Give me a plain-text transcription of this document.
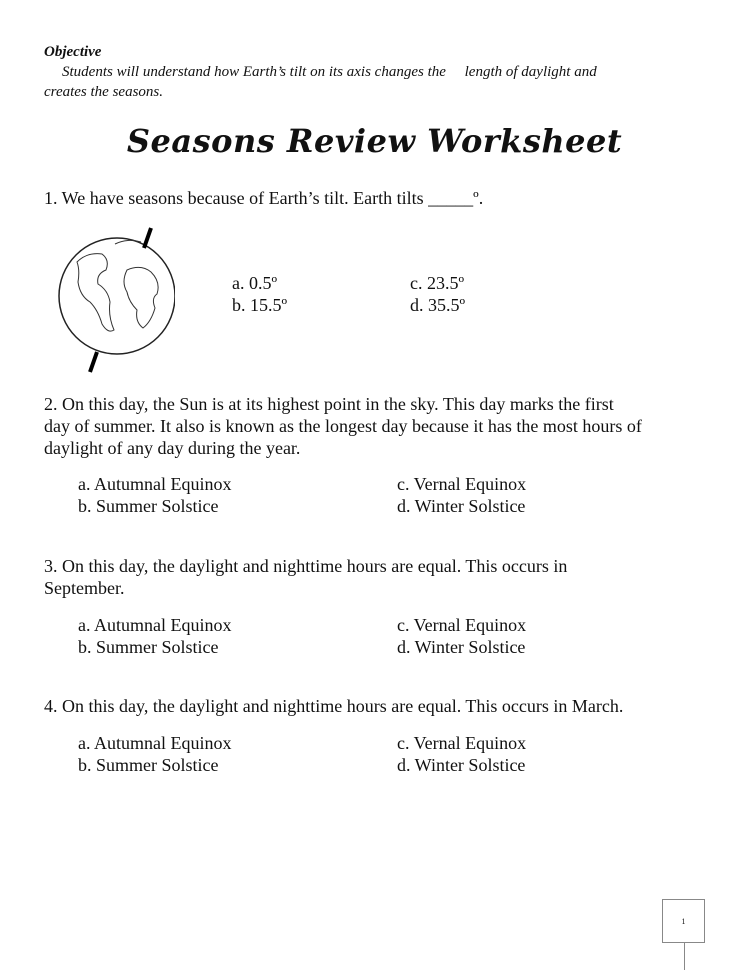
Objective
Students will understand how Earth’s tilt on its axis changes the     length of daylight and
creates the seasons.
Seasons Review Worksheet
1. We have seasons because of Earth’s tilt. Earth tilts _____º.
a. 0.5º
b. 15.5º
c. 23.5º
d. 35.5º
2. On this day, the Sun is at its highest point in the sky. This day marks the first
day of summer. It also is known as the longest day because it has the most hours of
daylight of any day during the year.
a. Autumnal Equinox
b. Summer Solstice
c. Vernal Equinox
d. Winter Solstice
3. On this day, the daylight and nighttime hours are equal. This occurs in
September.
a. Autumnal Equinox
b. Summer Solstice
c. Vernal Equinox
d. Winter Solstice
4. On this day, the daylight and nighttime hours are equal. This occurs in March.
a. Autumnal Equinox
b. Summer Solstice
c. Vernal Equinox
d. Winter Solstice
1
